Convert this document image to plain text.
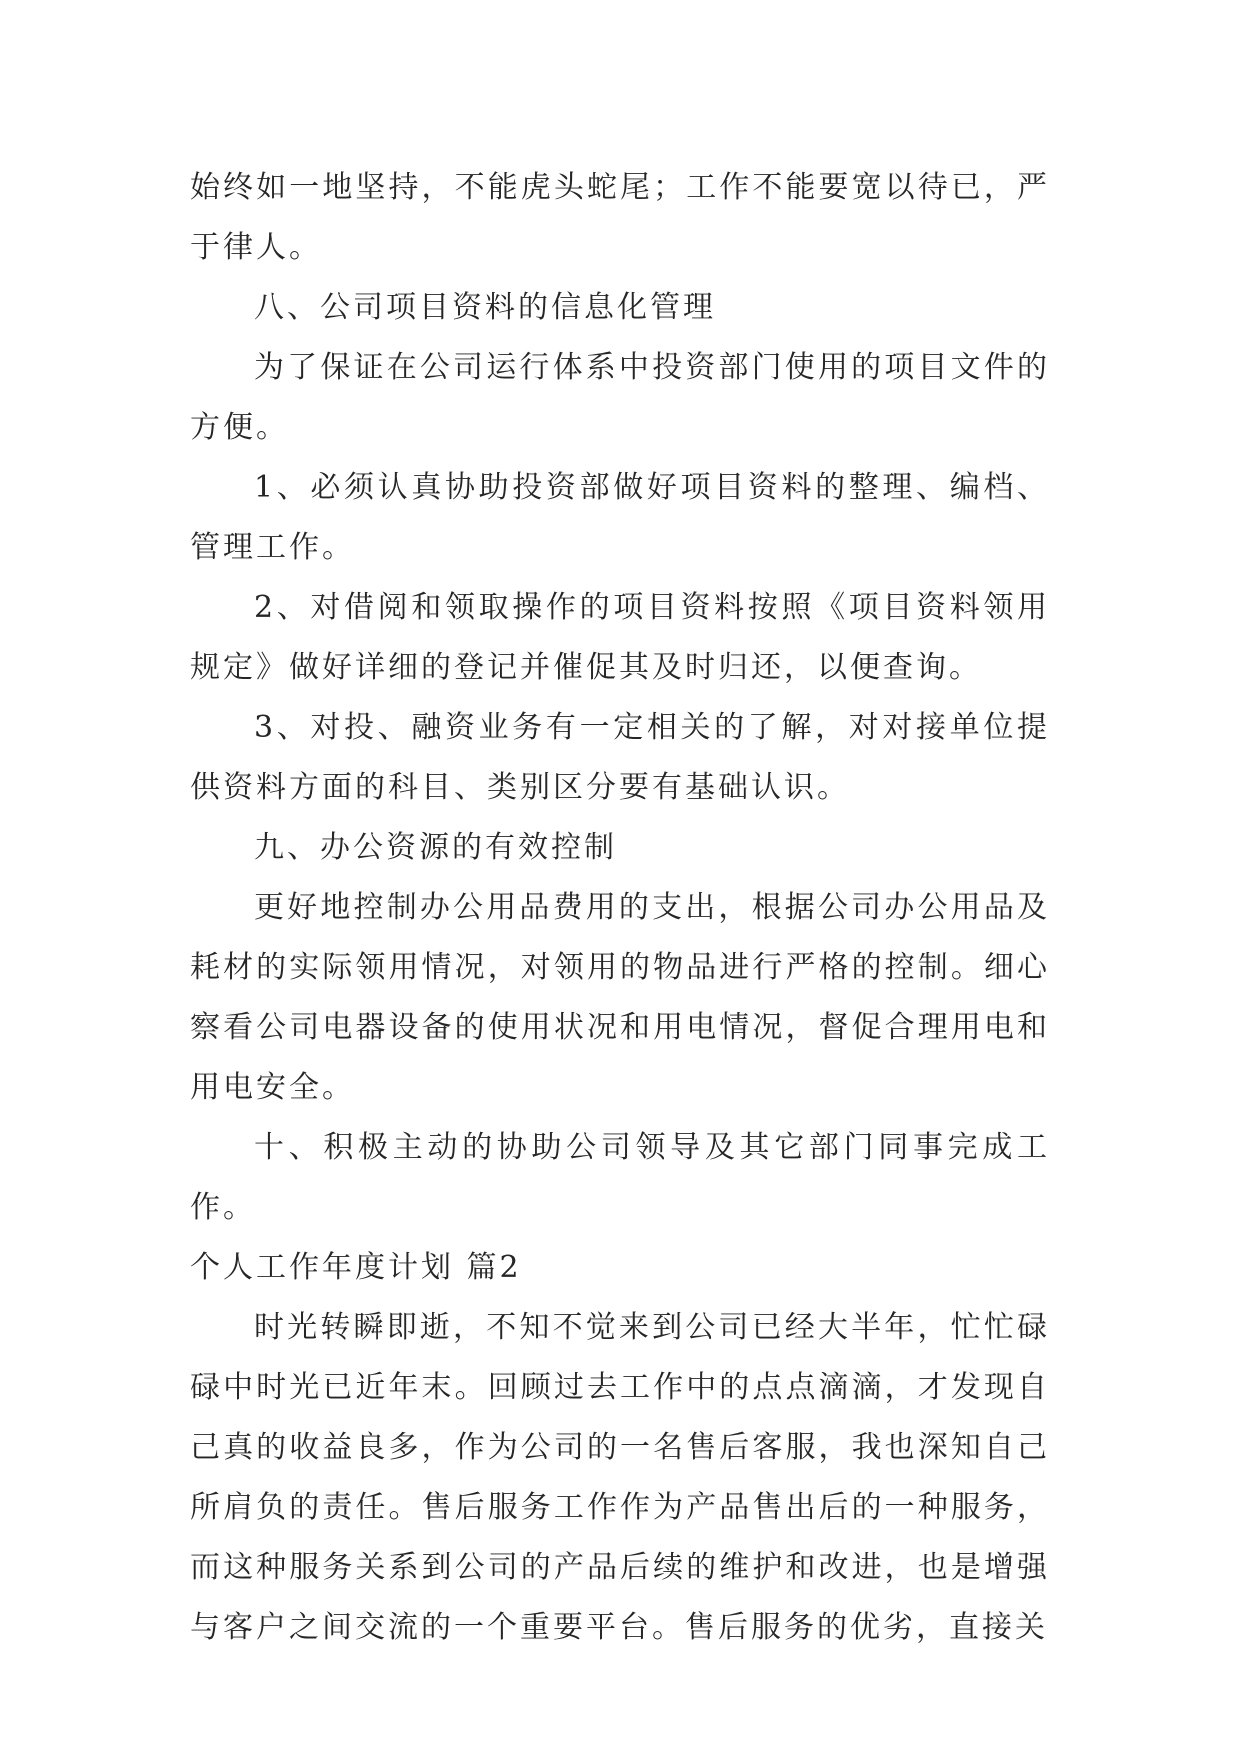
始终如一地坚持，不能虎头蛇尾；工作不能要宽以待已，严于律人。

八、公司项目资料的信息化管理

为了保证在公司运行体系中投资部门使用的项目文件的方便。

1、必须认真协助投资部做好项目资料的整理、编档、管理工作。

2、对借阅和领取操作的项目资料按照《项目资料领用规定》做好详细的登记并催促其及时归还，以便查询。

3、对投、融资业务有一定相关的了解，对对接单位提供资料方面的科目、类别区分要有基础认识。

九、办公资源的有效控制

更好地控制办公用品费用的支出，根据公司办公用品及耗材的实际领用情况，对领用的物品进行严格的控制。细心察看公司电器设备的使用状况和用电情况，督促合理用电和用电安全。

十、积极主动的协助公司领导及其它部门同事完成工作。

个人工作年度计划 篇2

时光转瞬即逝，不知不觉来到公司已经大半年，忙忙碌碌中时光已近年末。回顾过去工作中的点点滴滴，才发现自己真的收益良多，作为公司的一名售后客服，我也深知自己所肩负的责任。售后服务工作作为产品售出后的一种服务，而这种服务关系到公司的产品后续的维护和改进，也是增强与客户之间交流的一个重要平台。售后服务的优劣，直接关
